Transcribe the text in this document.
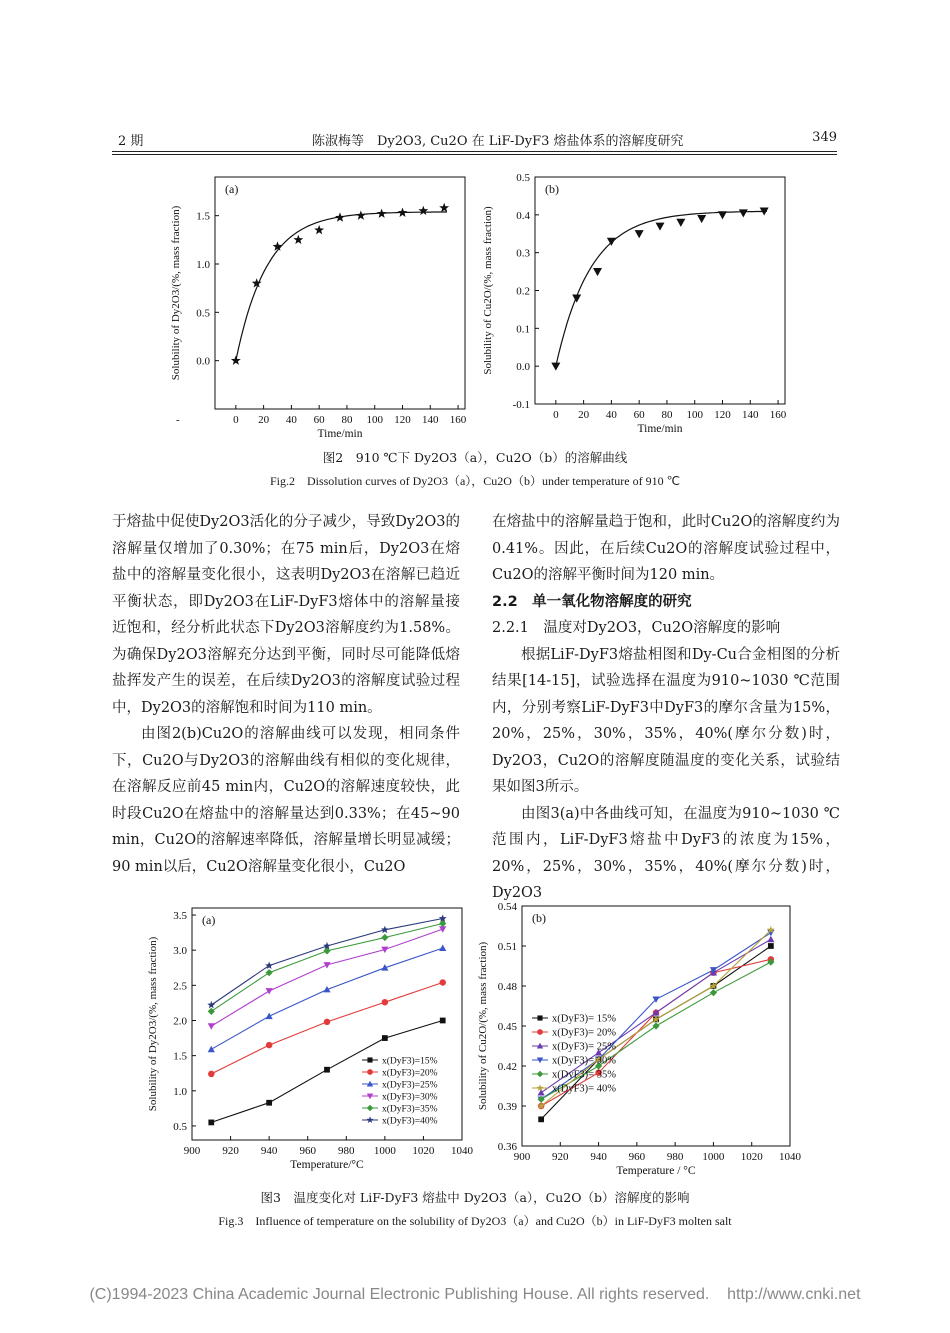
2 期	陈淑梅等　Dy2O3, Cu2O 在 LiF-DyF3 熔盐体系的溶解度研究	349
0 20 40 60 80 100 120 140 160
0.0
0.5
1.0
1.5
-
(a)
Time/min
Solubility of Dy2O3/(%, mass fraction)
0 20 40 60 80 100 120 140 160
-0.1
0.0
0.1
0.2
0.3
0.4
0.5
(b)
Time/min
Solubility of Cu2O/(%, mass fraction)
图2　910 ℃下 Dy2O3（a），Cu2O（b）的溶解曲线
Fig.2　Dissolution curves of Dy2O3（a），Cu2O（b）under temperature of 910 ℃

于熔盐中促使Dy2O3活化的分子减少，导致Dy2O3的溶解量仅增加了0.30%；在75 min后，Dy2O3在熔盐中的溶解量变化很小，这表明Dy2O3在溶解已趋近平衡状态，即Dy2O3在LiF-DyF3熔体中的溶解量接近饱和，经分析此状态下Dy2O3溶解度约为1.58%。为确保Dy2O3溶解充分达到平衡，同时尽可能降低熔盐挥发产生的误差，在后续Dy2O3的溶解度试验过程中，Dy2O3的溶解饱和时间为110 min。

由图2(b)Cu2O的溶解曲线可以发现，相同条件下，Cu2O与Dy2O3的溶解曲线有相似的变化规律，在溶解反应前45 min内，Cu2O的溶解速度较快，此时段Cu2O在熔盐中的溶解量达到0.33%；在45~90 min，Cu2O的溶解速率降低，溶解量增长明显减缓；90 min以后，Cu2O溶解量变化很小，Cu2O

在熔盐中的溶解量趋于饱和，此时Cu2O的溶解度约为0.41%。因此，在后续Cu2O的溶解度试验过程中，Cu2O的溶解平衡时间为120 min。

2.2　单一氧化物溶解度的研究

2.2.1　温度对Dy2O3，Cu2O溶解度的影响

根据LiF-DyF3熔盐相图和Dy-Cu合金相图的分析结果[14-15]，试验选择在温度为910~1030 ℃范围内，分别考察LiF-DyF3中DyF3的摩尔含量为15%，20%，25%，30%，35%，40%(摩尔分数)时，Dy2O3，Cu2O的溶解度随温度的变化关系，试验结果如图3所示。

由图3(a)中各曲线可知，在温度为910~1030 ℃范围内，LiF-DyF3熔盐中DyF3的浓度为15%，20%，25%，30%，35%，40%(摩尔分数)时，Dy2O3

900 920 940 960 980 1000 1020 1040
0.5
1.0
1.5
2.0
2.5
3.0
3.5 (a)
Temperature/°C
Solubility of Dy2O3/(%, mass fraction)	x(DyF3)=15%
x(DyF3)=20%
x(DyF3)=25%
x(DyF3)=30%
x(DyF3)=35%
x(DyF3)=40%
900 920 940 960 980 1000 1020 1040
0.36
0.39
0.42
0.45
0.48
0.51
0.54
(b)
Temperature / °C
Solubility of Cu2O/(%, mass fraction)	x(DyF3)= 15%
x(DyF3)= 20%
x(DyF3)= 25%
x(DyF3)= 30%
x(DyF3)= 35%
x(DyF3)= 40%
图3　温度变化对 LiF-DyF3 熔盐中 Dy2O3（a），Cu2O（b）溶解度的影响
Fig.3　Influence of temperature on the solubility of Dy2O3（a）and Cu2O（b）in LiF-DyF3 molten salt
(C)1994-2023 China Academic Journal Electronic Publishing House. All rights reserved.    http://www.cnki.net
